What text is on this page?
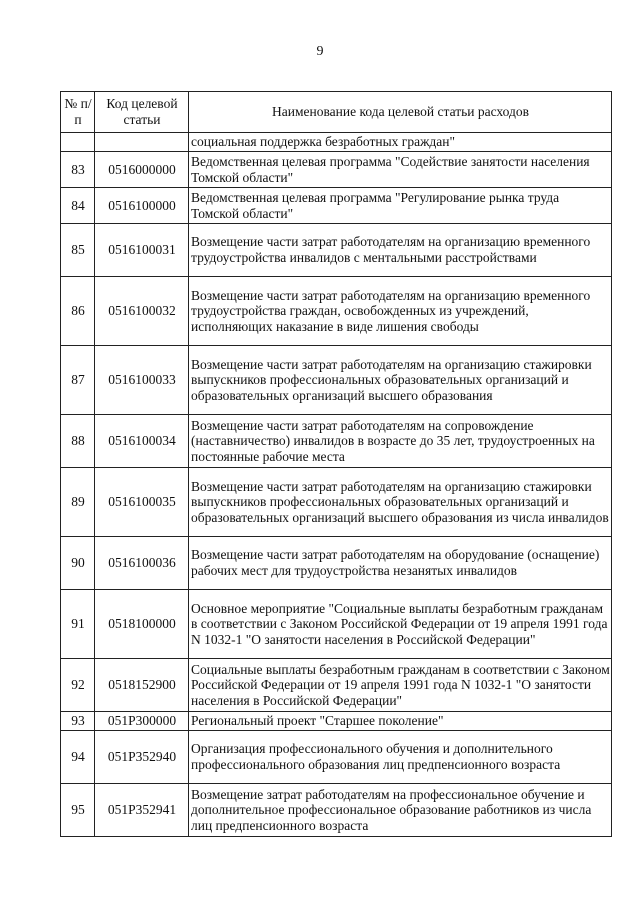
9
№ п/п	Код целевой статьи	Наименование кода целевой статьи расходов
		социальная поддержка безработных граждан"
83	0516000000	Ведомственная целевая программа "Содействие занятости населения Томской области"
84	0516100000	Ведомственная целевая программа "Регулирование рынка труда Томской области"
85	0516100031	Возмещение части затрат работодателям на организацию временного трудоустройства инвалидов с ментальными расстройствами
86	0516100032	Возмещение части затрат работодателям на организацию временного трудоустройства граждан, освобожденных из учреждений, исполняющих наказание в виде лишения свободы
87	0516100033	Возмещение части затрат работодателям на организацию стажировки выпускников профессиональных образовательных организаций и образовательных организаций высшего образования
88	0516100034	Возмещение части затрат работодателям на сопровождение (наставничество) инвалидов в возрасте до 35 лет, трудоустроенных на постоянные рабочие места
89	0516100035	Возмещение части затрат работодателям на организацию стажировки выпускников профессиональных образовательных организаций и образовательных организаций высшего образования из числа инвалидов
90	0516100036	Возмещение части затрат работодателям на оборудование (оснащение) рабочих мест для трудоустройства незанятых инвалидов
91	0518100000	Основное мероприятие "Социальные выплаты безработным гражданам в соответствии с Законом Российской Федерации от 19 апреля 1991 года N 1032-1 "О занятости населения в Российской Федерации"
92	0518152900	Социальные выплаты безработным гражданам в соответствии с Законом Российской Федерации от 19 апреля 1991 года N 1032-1 "О занятости населения в Российской Федерации"
93	051P300000	Региональный проект "Старшее поколение"
94	051P352940	Организация профессионального обучения и дополнительного профессионального образования лиц предпенсионного возраста
95	051P352941	Возмещение затрат работодателям на профессиональное обучение и дополнительное профессиональное образование работников из числа лиц предпенсионного возраста
